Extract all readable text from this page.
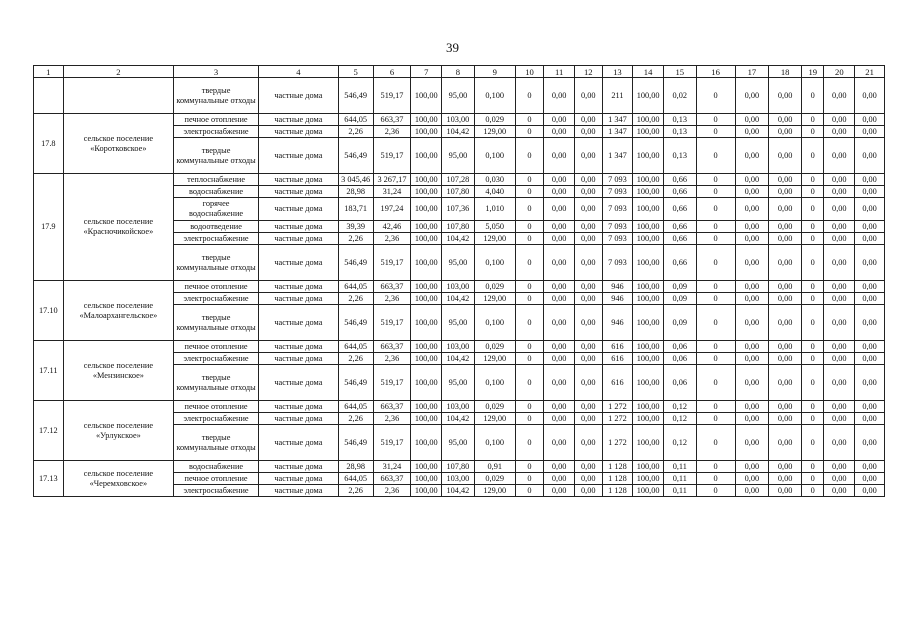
39
1	2	3	4	5	6	7	8	9	10	11	12	13	14	15	16	17	18	19	20	21
		твердые коммунальные отходы	частные дома	546,49	519,17	100,00	95,00	0,100	0	0,00	0,00	211	100,00	0,02	0	0,00	0,00	0	0,00	0,00
17.8	сельское поселение «Коротковское»	печное отопление	частные дома	644,05	663,37	100,00	103,00	0,029	0	0,00	0,00	1 347	100,00	0,13	0	0,00	0,00	0	0,00	0,00
		электроснабжение	частные дома	2,26	2,36	100,00	104,42	129,00	0	0,00	0,00	1 347	100,00	0,13	0	0,00	0,00	0	0,00	0,00
		твердые коммунальные отходы	частные дома	546,49	519,17	100,00	95,00	0,100	0	0,00	0,00	1 347	100,00	0,13	0	0,00	0,00	0	0,00	0,00
17.9	сельское поселение «Красночикойское»	теплоснабжение	частные дома	3 045,46	3 267,17	100,00	107,28	0,030	0	0,00	0,00	7 093	100,00	0,66	0	0,00	0,00	0	0,00	0,00
		водоснабжение	частные дома	28,98	31,24	100,00	107,80	4,040	0	0,00	0,00	7 093	100,00	0,66	0	0,00	0,00	0	0,00	0,00
		горячее водоснабжение	частные дома	183,71	197,24	100,00	107,36	1,010	0	0,00	0,00	7 093	100,00	0,66	0	0,00	0,00	0	0,00	0,00
		водоотведение	частные дома	39,39	42,46	100,00	107,80	5,050	0	0,00	0,00	7 093	100,00	0,66	0	0,00	0,00	0	0,00	0,00
		электроснабжение	частные дома	2,26	2,36	100,00	104,42	129,00	0	0,00	0,00	7 093	100,00	0,66	0	0,00	0,00	0	0,00	0,00
		твердые коммунальные отходы	частные дома	546,49	519,17	100,00	95,00	0,100	0	0,00	0,00	7 093	100,00	0,66	0	0,00	0,00	0	0,00	0,00
17.10	сельское поселение «Малоархангельское»	печное отопление	частные дома	644,05	663,37	100,00	103,00	0,029	0	0,00	0,00	946	100,00	0,09	0	0,00	0,00	0	0,00	0,00
		электроснабжение	частные дома	2,26	2,36	100,00	104,42	129,00	0	0,00	0,00	946	100,00	0,09	0	0,00	0,00	0	0,00	0,00
		твердые коммунальные отходы	частные дома	546,49	519,17	100,00	95,00	0,100	0	0,00	0,00	946	100,00	0,09	0	0,00	0,00	0	0,00	0,00
17.11	сельское поселение «Мензинское»	печное отопление	частные дома	644,05	663,37	100,00	103,00	0,029	0	0,00	0,00	616	100,00	0,06	0	0,00	0,00	0	0,00	0,00
		электроснабжение	частные дома	2,26	2,36	100,00	104,42	129,00	0	0,00	0,00	616	100,00	0,06	0	0,00	0,00	0	0,00	0,00
		твердые коммунальные отходы	частные дома	546,49	519,17	100,00	95,00	0,100	0	0,00	0,00	616	100,00	0,06	0	0,00	0,00	0	0,00	0,00
17.12	сельское поселение «Урлукское»	печное отопление	частные дома	644,05	663,37	100,00	103,00	0,029	0	0,00	0,00	1 272	100,00	0,12	0	0,00	0,00	0	0,00	0,00
		электроснабжение	частные дома	2,26	2,36	100,00	104,42	129,00	0	0,00	0,00	1 272	100,00	0,12	0	0,00	0,00	0	0,00	0,00
		твердые коммунальные отходы	частные дома	546,49	519,17	100,00	95,00	0,100	0	0,00	0,00	1 272	100,00	0,12	0	0,00	0,00	0	0,00	0,00
17.13	сельское поселение «Черемховское»	водоснабжение	частные дома	28,98	31,24	100,00	107,80	0,91	0	0,00	0,00	1 128	100,00	0,11	0	0,00	0,00	0	0,00	0,00
		печное отопление	частные дома	644,05	663,37	100,00	103,00	0,029	0	0,00	0,00	1 128	100,00	0,11	0	0,00	0,00	0	0,00	0,00
		электроснабжение	частные дома	2,26	2,36	100,00	104,42	129,00	0	0,00	0,00	1 128	100,00	0,11	0	0,00	0,00	0	0,00	0,00
